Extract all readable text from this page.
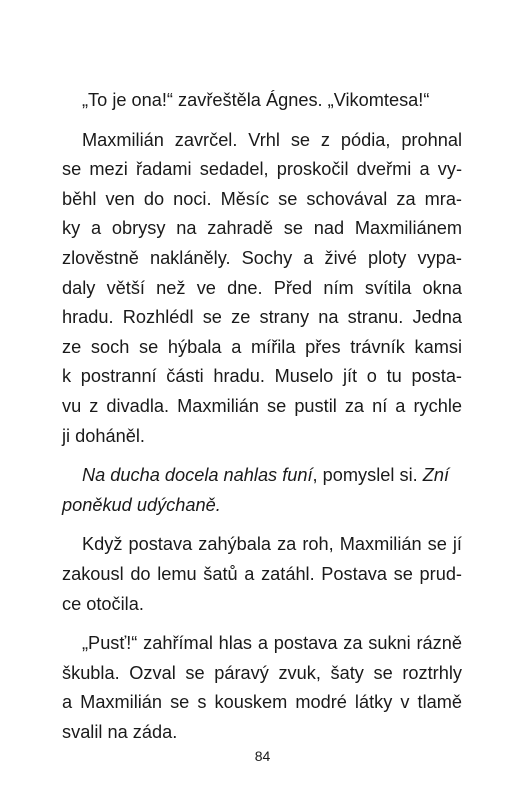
„To je ona!“ zavřeštěla Ágnes. „Vikomtesa!“
Maxmilián zavrčel. Vrhl se z pódia, prohnal
se mezi řadami sedadel, proskočil dveřmi a vy-
běhl ven do noci. Měsíc se schovával za mra-
ky a obrysy na zahradě se nad Maxmiliánem
zlověstně nakláněly. Sochy a živé ploty vypa-
daly větší než ve dne. Před ním svítila okna
hradu. Rozhlédl se ze strany na stranu. Jedna
ze soch se hýbala a mířila přes trávník kamsi
k postranní části hradu. Muselo jít o tu posta-
vu z divadla. Maxmilián se pustil za ní a rychle
ji doháněl.
Na ducha docela nahlas funí, pomyslel si. Zní
poněkud udýchaně.
Když postava zahýbala za roh, Maxmilián se jí
zakousl do lemu šatů a zatáhl. Postava se prud-
ce otočila.
„Pusť!“ zahřímal hlas a postava za sukni rázně
škubla. Ozval se páravý zvuk, šaty se roztrhly
a Maxmilián se s kouskem modré látky v tlamě
svalil na záda.
84
